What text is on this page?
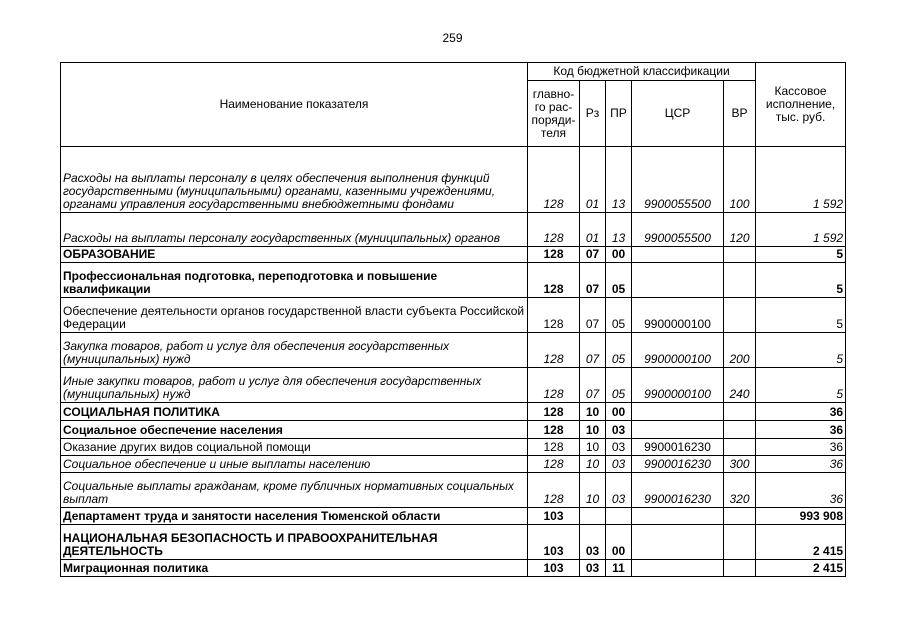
259
Наименование показателя	Код бюджетной классификации					Кассовое исполнение, тыс. руб.
	главно-го рас-поряди-теля	Рз	ПР	ЦСР	ВР	
Расходы на выплаты персоналу в целях обеспечения выполнения функций государственными (муниципальными) органами, казенными учреждениями, органами управления государственными внебюджетными фондами	128	01	13	9900055500	100	1 592
Расходы на выплаты персоналу государственных (муниципальных) органов	128	01	13	9900055500	120	1 592
ОБРАЗОВАНИЕ	128	07	00			5
Профессиональная подготовка, переподготовка и повышение квалификации	128	07	05			5
Обеспечение деятельности органов государственной власти субъекта Российской Федерации	128	07	05	9900000100		5
Закупка товаров, работ и услуг для обеспечения государственных (муниципальных) нужд	128	07	05	9900000100	200	5
Иные закупки товаров, работ и услуг для обеспечения государственных (муниципальных) нужд	128	07	05	9900000100	240	5
СОЦИАЛЬНАЯ ПОЛИТИКА	128	10	00			36
Социальное обеспечение населения	128	10	03			36
Оказание других видов социальной помощи	128	10	03	9900016230		36
Социальное обеспечение и иные выплаты населению	128	10	03	9900016230	300	36
Социальные выплаты гражданам, кроме публичных нормативных социальных выплат	128	10	03	9900016230	320	36
Департамент труда и занятости населения Тюменской области	103					993 908
НАЦИОНАЛЬНАЯ БЕЗОПАСНОСТЬ И ПРАВООХРАНИТЕЛЬНАЯ ДЕЯТЕЛЬНОСТЬ	103	03	00			2 415
Миграционная политика	103	03	11			2 415
